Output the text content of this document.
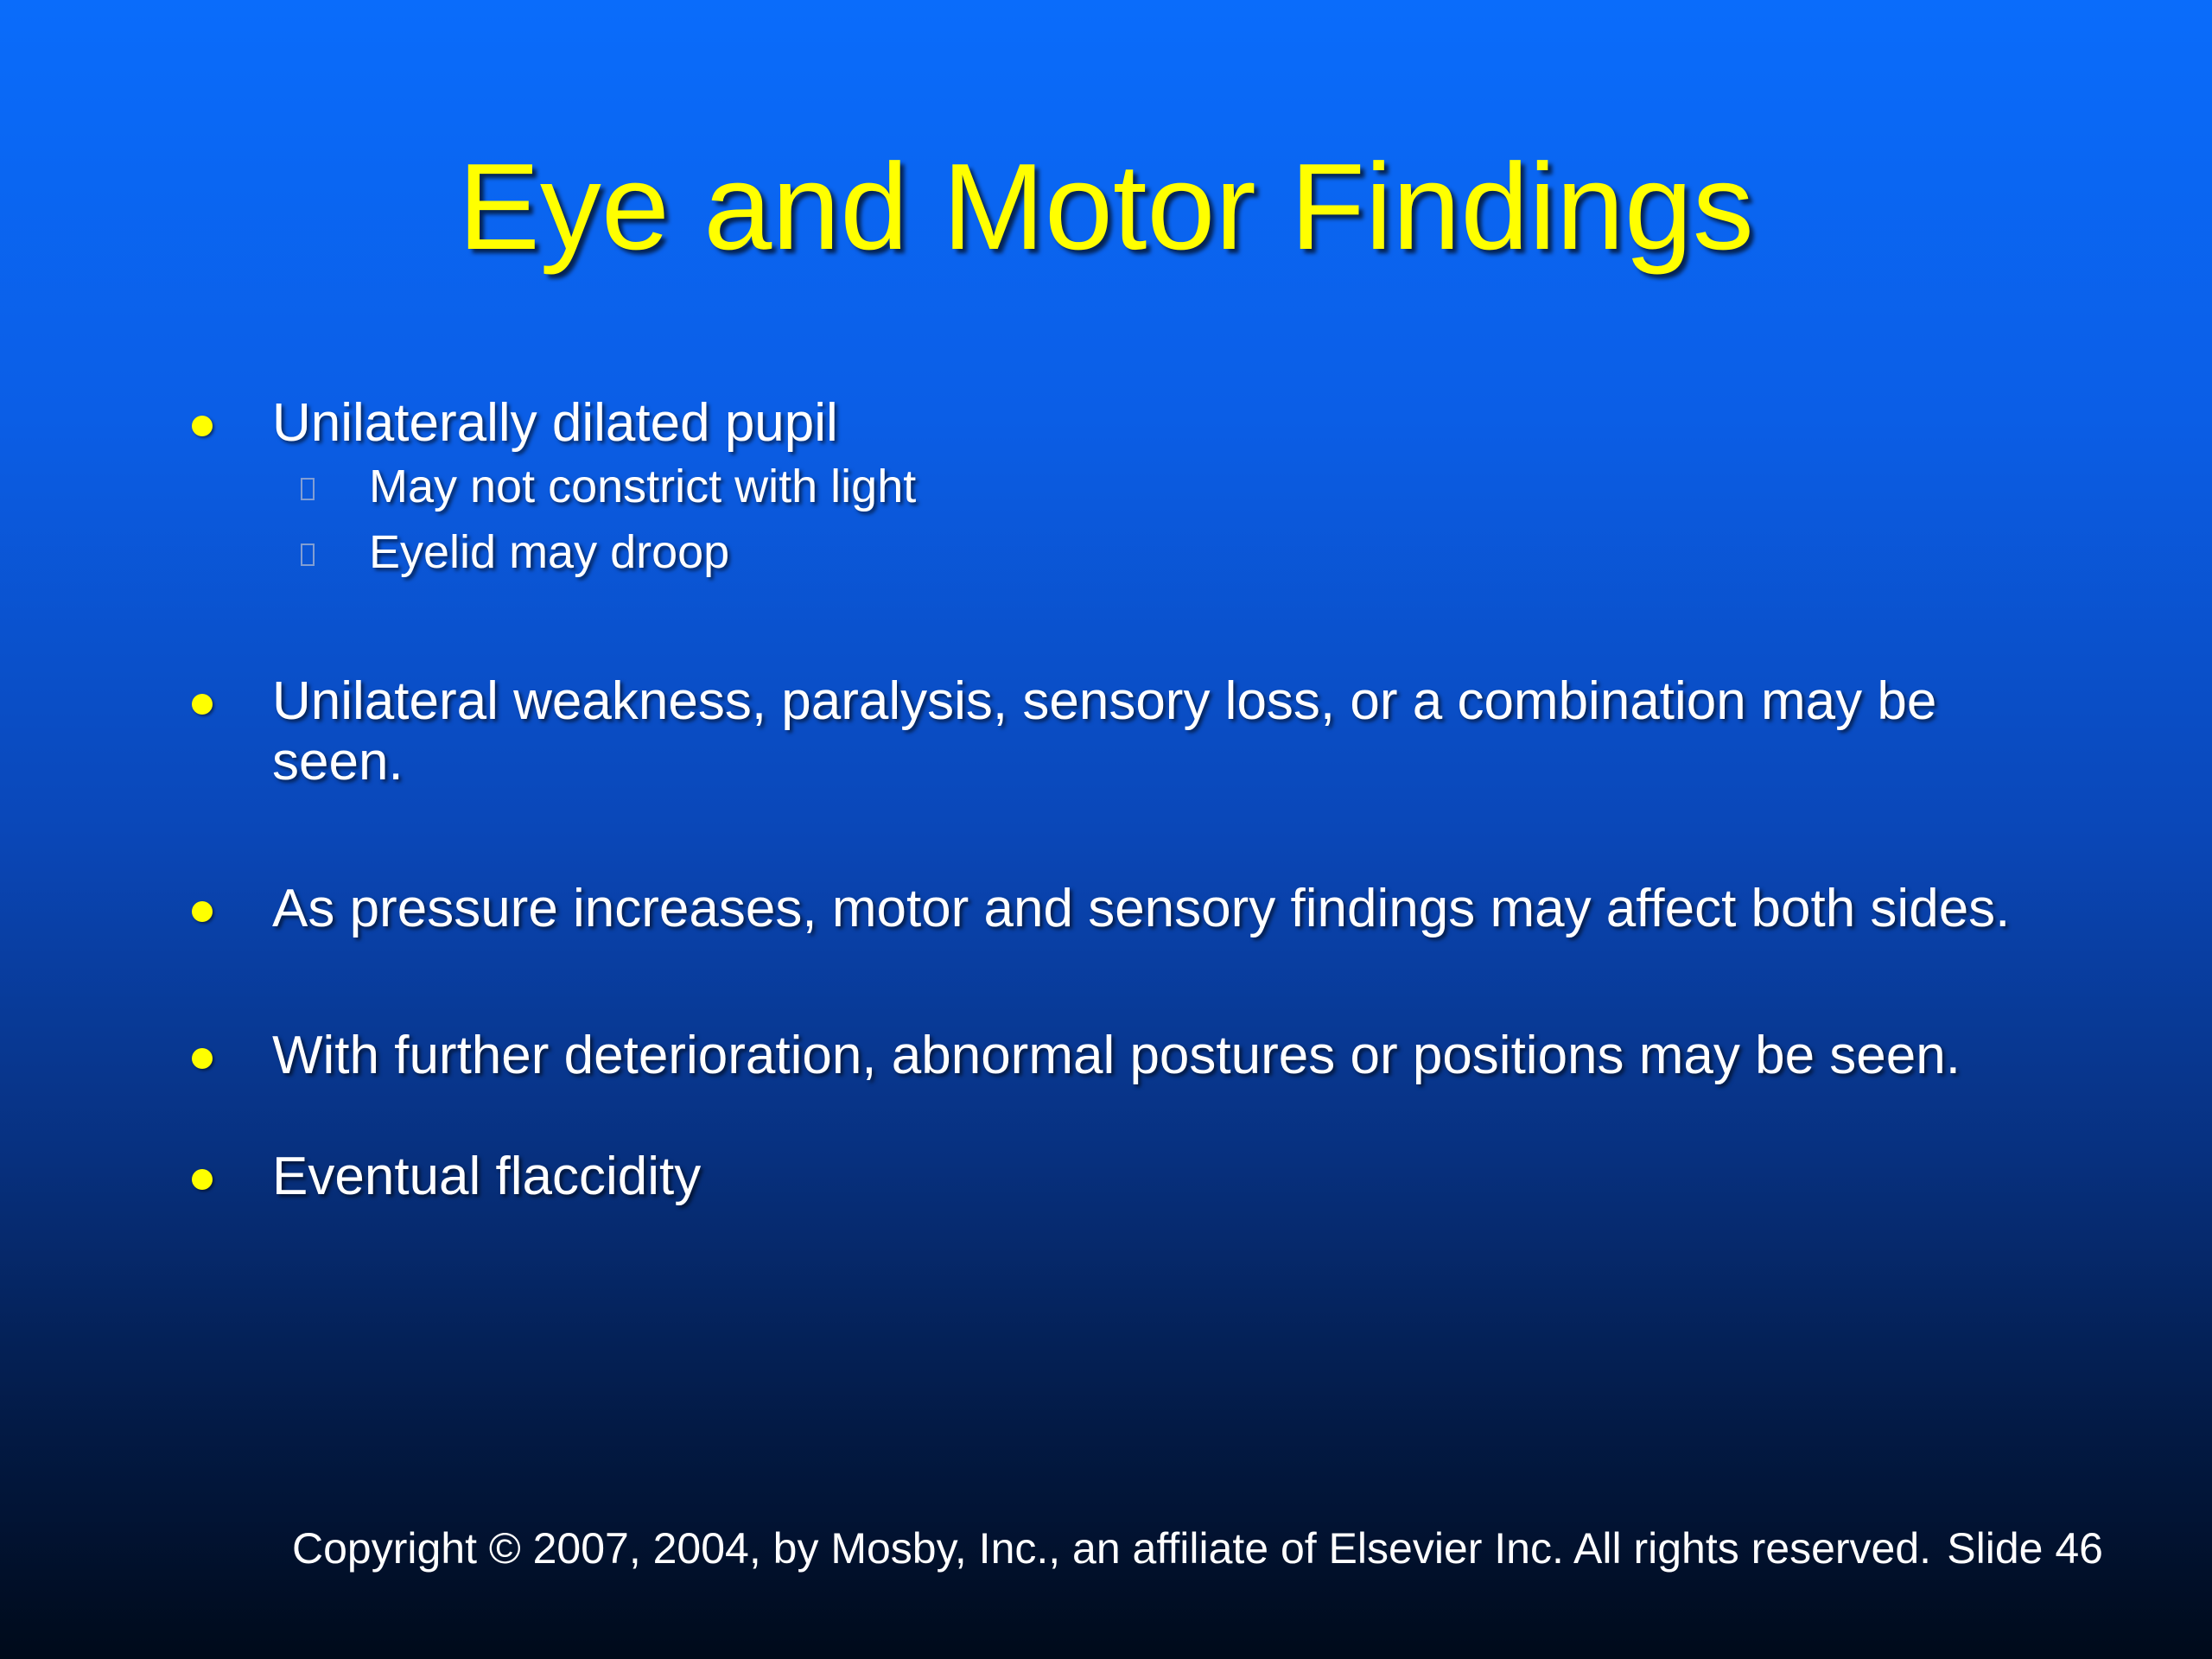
Eye and Motor Findings
Unilaterally dilated pupil
May not constrict with light
Eyelid may droop
Unilateral weakness, paralysis, sensory loss, or a combination may be seen.
As pressure increases, motor and sensory findings may affect both sides.
With further deterioration, abnormal postures or positions may be seen.
Eventual flaccidity
Copyright © 2007, 2004, by Mosby, Inc., an affiliate of Elsevier Inc. All rights reserved. Slide 46
